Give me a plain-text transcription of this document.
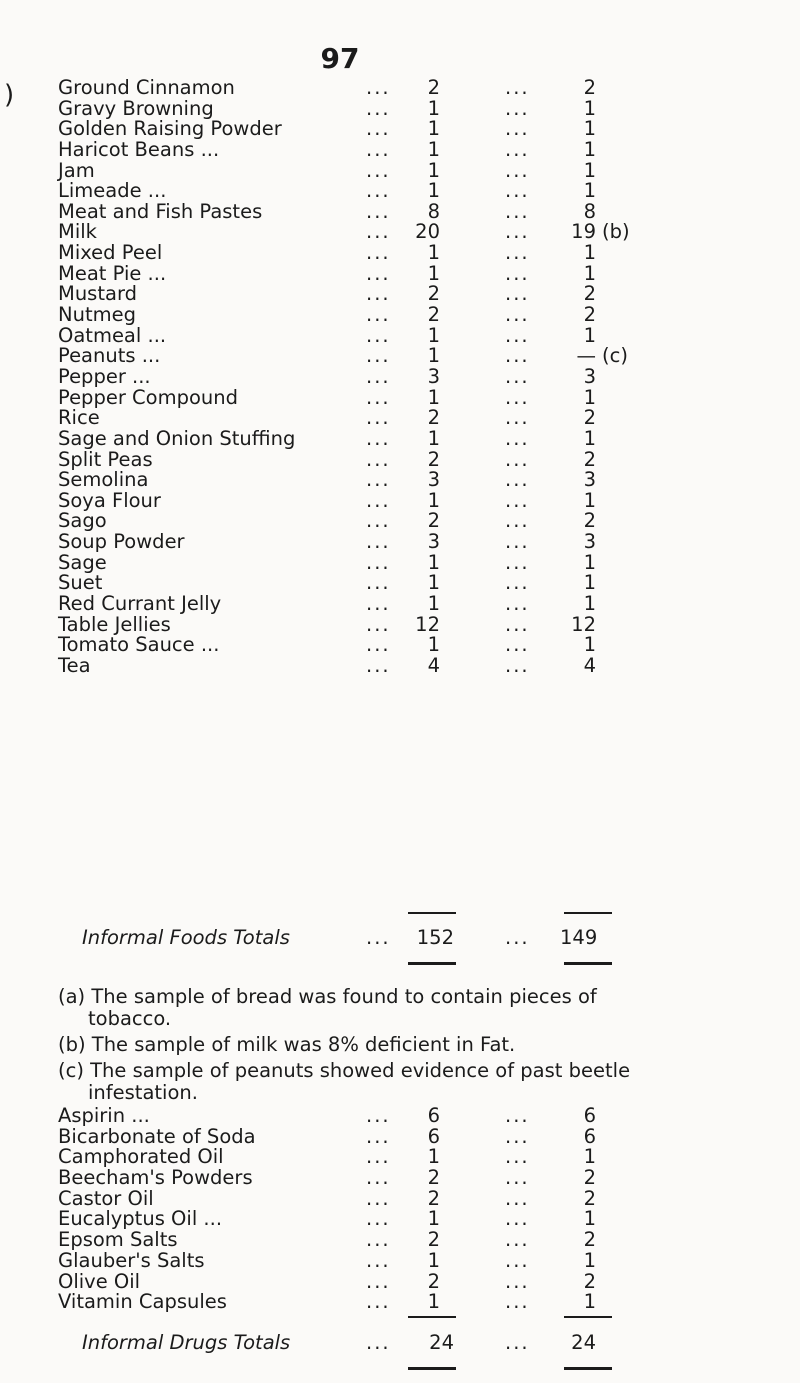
97
) Ground Cinnamon	...	2	...	2
Gravy Browning	...	1	...	1
Golden Raising Powder	...	1	...	1
Haricot Beans ...	...	1	...	1
Jam	...	1	...	1
Limeade ...	...	1	...	1
Meat and Fish Pastes	...	8	...	8
Milk	...	20	...	19 (b)
Mixed Peel	...	1	...	1
Meat Pie ...	...	1	...	1
Mustard	...	2	...	2
Nutmeg	...	2	...	2
Oatmeal ...	...	1	...	1
Peanuts ...	...	1	...	— (c)
Pepper ...	...	3	...	3
Pepper Compound	...	1	...	1
Rice	...	2	...	2
Sage and Onion Stuffing	...	1	...	1
Split Peas	...	2	...	2
Semolina	...	3	...	3
Soya Flour	...	1	...	1
Sago	...	2	...	2
Soup Powder	...	3	...	3
Sage	...	1	...	1
Suet	...	1	...	1
Red Currant Jelly	...	1	...	1
Table Jellies	...	12	...	12
Tomato Sauce ...	...	1	...	1
Tea	...	4	...	4
Informal Foods Totals	...	152	... 149
(a) The sample of bread was found to contain pieces of
tobacco.
(b) The sample of milk was 8% deficient in Fat.
(c) The sample of peanuts showed evidence of past beetle
infestation.
Aspirin ...	...	6	...	6
Bicarbonate of Soda	...	6	...	6
Camphorated Oil	...	1	...	1
Beecham's Powders	...	2	...	2
Castor Oil	...	2	...	2
Eucalyptus Oil ...	...	1	...	1
Epsom Salts	...	2	...	2
Glauber's Salts	...	1	...	1
Olive Oil	...	2	...	2
Vitamin Capsules	...	1	...	1
Informal Drugs Totals	...	24	...	24
